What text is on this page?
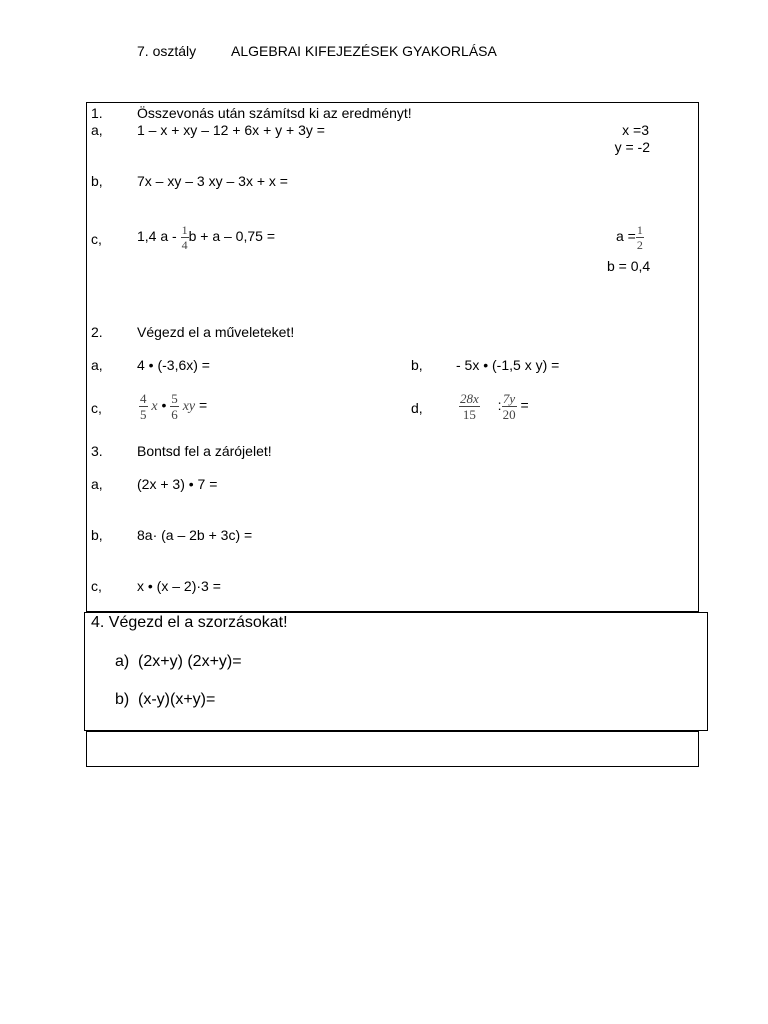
7. osztály ALGEBRAI KIFEJEZÉSEK GYAKORLÁSA
1. Összevonás után számítsd ki az eredményt!
a, 1 – x + xy – 12 + 6x + y + 3y =	x =3
y = -2
b, 7x – xy – 3 xy – 3x + x =
c,	1,4 a - $\frac{1}{4}$ b + a – 0,75 =	$a = \frac{1}{2}$
b = 0,4
2. Végezd el a műveleteket!
a, 4 • (-3,6x) =	b, - 5x • (-1,5 x y) =
c,	$\frac{4}{5}$ x • $\frac{5}{6}$ xy =	d,	$\frac{28x}{15}$ : $\frac{7y}{20}$ =
3. Bontsd fel a zárójelet!
a, (2x + 3) • 7 =
b, 8a· (a – 2b + 3c) =
c,	x • (x – 2)·3 =
4. Végezd el a szorzásokat!
a) (2x+y) (2x+y)=
b) (x-y)(x+y)=
